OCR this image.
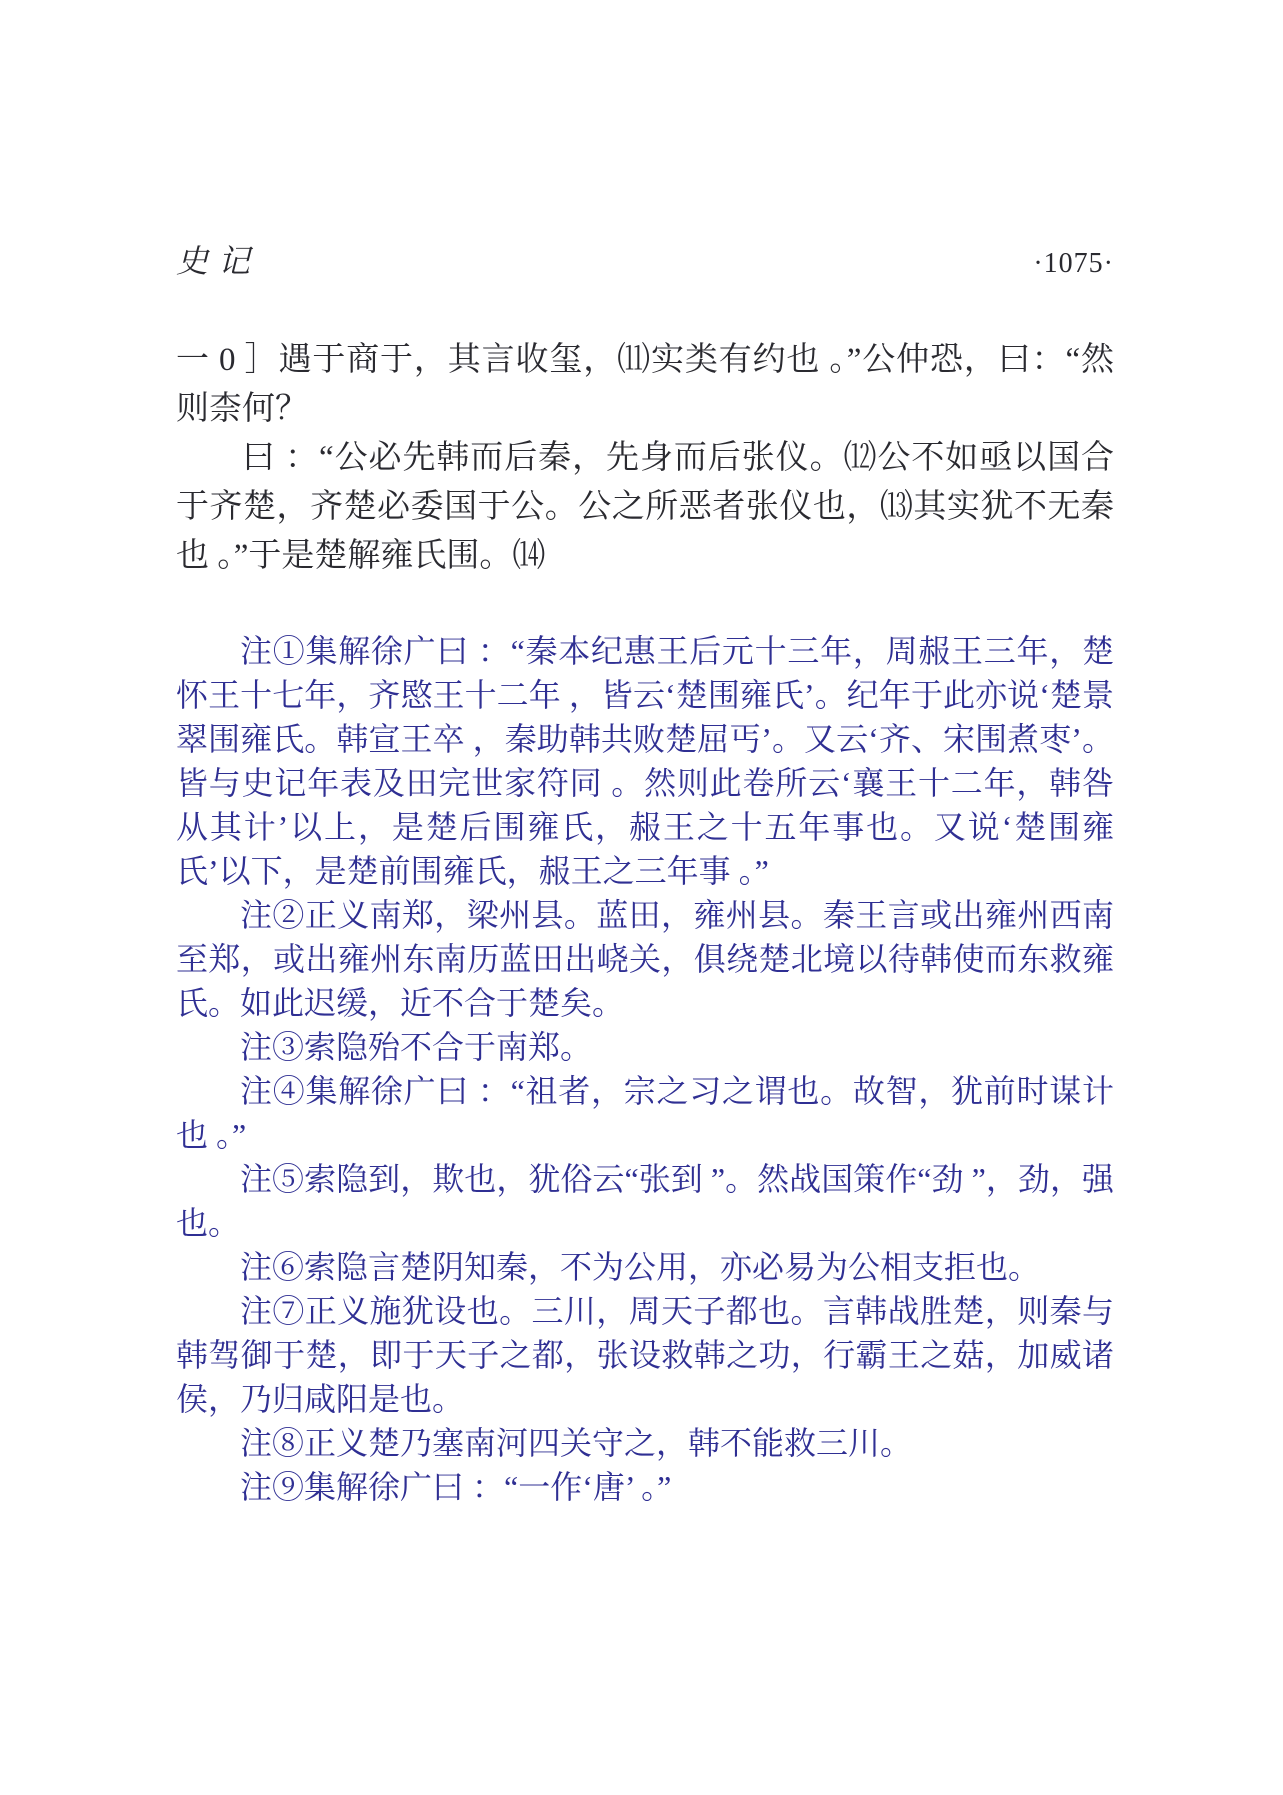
史记	·1075·

一 0 ］遇于商于，其言收玺，⑾实类有约也 。”公仲恐，曰：“然则柰何？

曰 ：“公必先韩而后秦，先身而后张仪。⑿公不如亟以国合于齐楚，齐楚必委国于公。公之所恶者张仪也，⒀其实犹不无秦也 。”于是楚解雍氏围。⒁

注①集解徐广曰 ：“秦本纪惠王后元十三年，周赧王三年，楚怀王十七年，齐愍王十二年 ，皆云‘楚围雍氏’。纪年于此亦说‘楚景翠围雍氏。韩宣王卒 ，秦助韩共败楚屈丐’。又云‘齐、宋围煮枣’。皆与史记年表及田完世家符同 。然则此卷所云‘襄王十二年，韩咎从其计’以上，是楚后围雍氏，赧王之十五年事也。又说‘楚围雍氏’以下，是楚前围雍氏，赧王之三年事 。”

注②正义南郑，梁州县。蓝田，雍州县。秦王言或出雍州西南至郑，或出雍州东南历蓝田出峣关，俱绕楚北境以待韩使而东救雍氏。如此迟缓，近不合于楚矣。

注③索隐殆不合于南郑。

注④集解徐广曰 ：“祖者，宗之习之谓也。故智，犹前时谋计也 。”

注⑤索隐到，欺也，犹俗云“张到 ”。然战国策作“劲 ”，劲，强也。

注⑥索隐言楚阴知秦，不为公用，亦必易为公相支拒也。

注⑦正义施犹设也。三川，周天子都也。言韩战胜楚，则秦与韩驾御于楚，即于天子之都，张设救韩之功，行霸王之菇，加威诸侯，乃归咸阳是也。

注⑧正义楚乃塞南河四关守之，韩不能救三川。

注⑨集解徐广曰 ：“一作‘唐’ 。”
